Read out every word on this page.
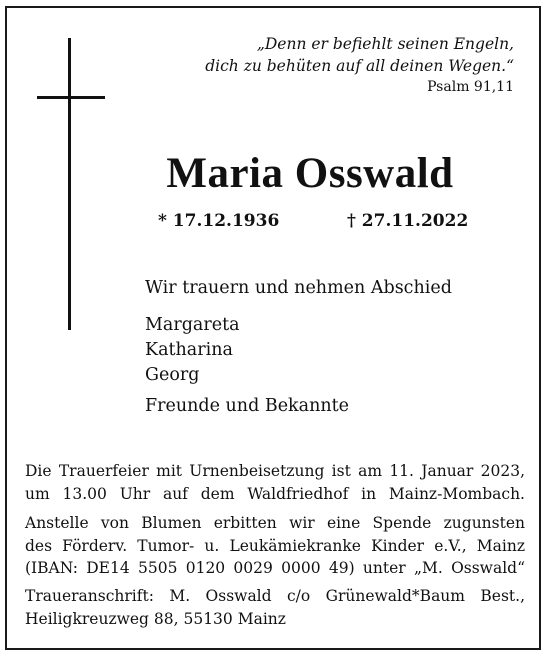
„Denn er befiehlt seinen Engeln,
dich zu behüten auf all deinen Wegen.“
Psalm 91,11
Maria Osswald
* 17.12.1936	† 27.11.2022
Wir trauern und nehmen Abschied
Margareta
Katharina
Georg
Freunde und Bekannte
Die Trauerfeier mit Urnenbeisetzung ist am 11. Januar 2023,
um 13.00 Uhr auf dem Waldfriedhof in Mainz-Mombach.
Anstelle von Blumen erbitten wir eine Spende zugunsten
des Förderv. Tumor- u. Leukämiekranke Kinder e.V., Mainz
(IBAN: DE14 5505 0120 0029 0000 49) unter „M. Osswald“
Traueranschrift: M. Osswald c/o Grünewald*Baum Best.,
Heiligkreuzweg 88, 55130 Mainz
